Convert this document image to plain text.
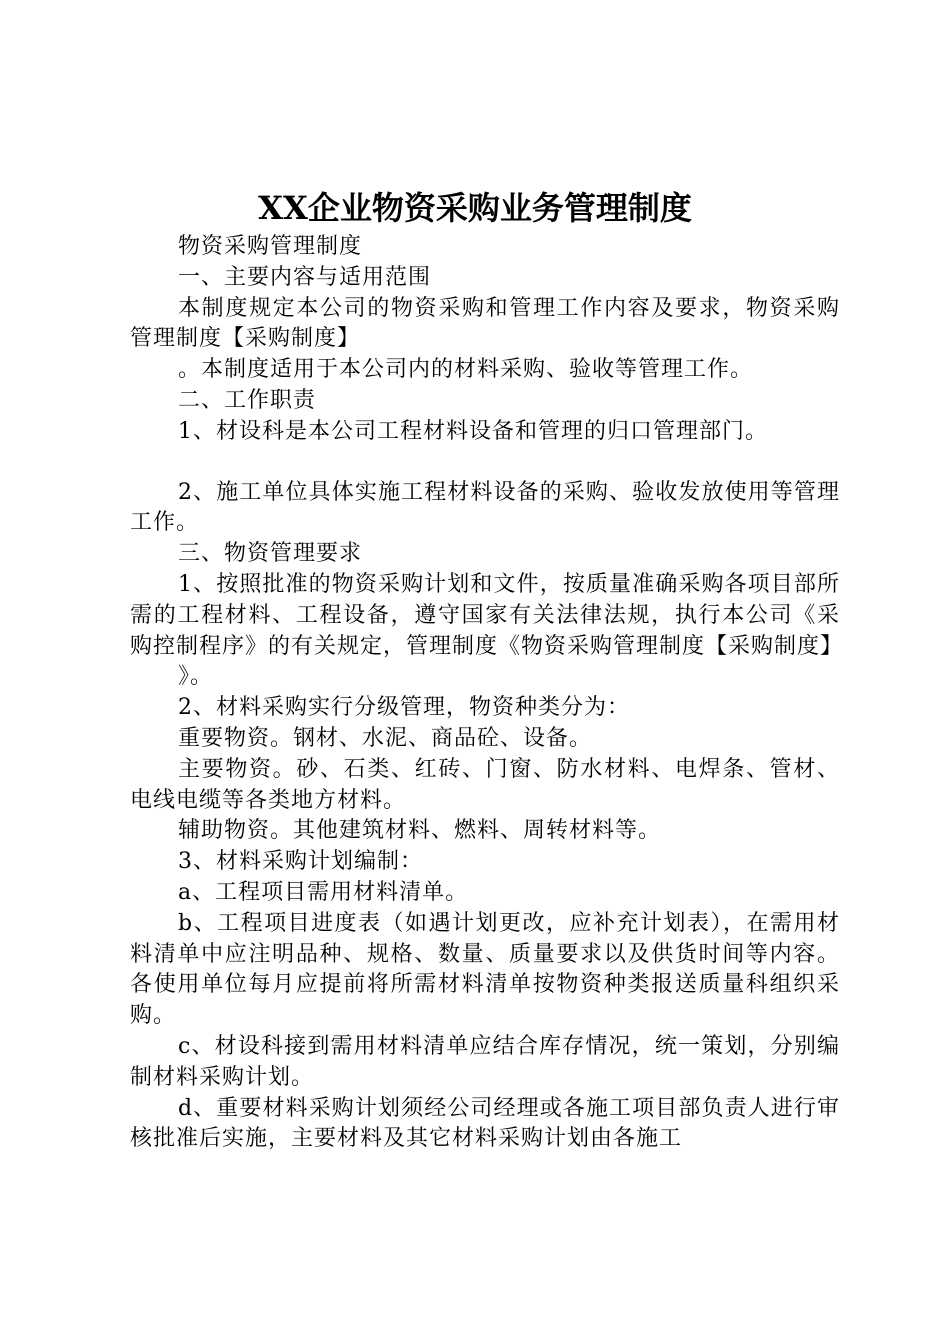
XX企业物资采购业务管理制度

物资采购管理制度

一、主要内容与适用范围

本制度规定本公司的物资采购和管理工作内容及要求，物资采购管理制度【采购制度】

。本制度适用于本公司内的材料采购、验收等管理工作。

二、工作职责

1、材设科是本公司工程材料设备和管理的归口管理部门。

2、施工单位具体实施工程材料设备的采购、验收发放使用等管理工作。

三、物资管理要求

1、按照批准的物资采购计划和文件，按质量准确采购各项目部所需的工程材料、工程设备，遵守国家有关法律法规，执行本公司《采购控制程序》的有关规定，管理制度《物资采购管理制度【采购制度】

》。

2、材料采购实行分级管理，物资种类分为：

重要物资。钢材、水泥、商品砼、设备。

主要物资。砂、石类、红砖、门窗、防水材料、电焊条、管材、电线电缆等各类地方材料。

辅助物资。其他建筑材料、燃料、周转材料等。

3、材料采购计划编制：

a、工程项目需用材料清单。

b、工程项目进度表（如遇计划更改，应补充计划表），在需用材料清单中应注明品种、规格、数量、质量要求以及供货时间等内容。各使用单位每月应提前将所需材料清单按物资种类报送质量科组织采购。

c、材设科接到需用材料清单应结合库存情况，统一策划，分别编制材料采购计划。

d、重要材料采购计划须经公司经理或各施工项目部负责人进行审核批准后实施，主要材料及其它材料采购计划由各施工
